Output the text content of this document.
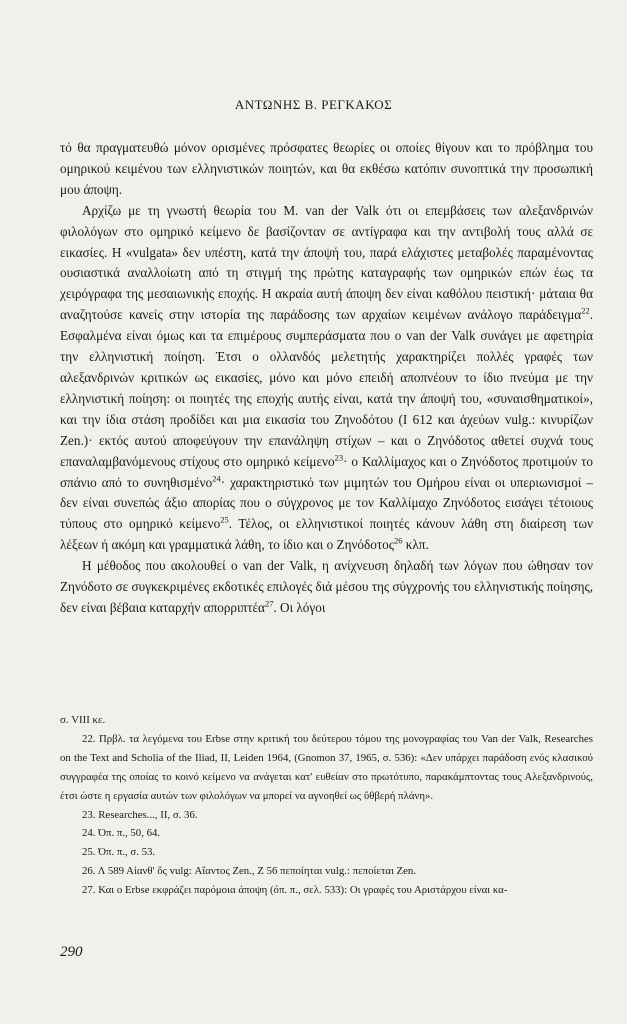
ΑΝΤΩΝΗΣ Β. ΡΕΓΚΑΚΟΣ

τό θα πραγματευθώ μόνον ορισμένες πρόσφατες θεωρίες οι οποίες θίγουν και το πρόβλημα του ομηρικού κειμένου των ελληνιστικών ποιητών, και θα εκθέσω κατόπιν συνοπτικά την προσωπική μου άποψη.

Αρχίζω με τη γνωστή θεωρία του Μ. van der Valk ότι οι επεμβάσεις των αλεξανδρινών φιλολόγων στο ομηρικό κείμενο δε βασίζονταν σε αντίγραφα και την αντιβολή τους αλλά σε εικασίες. Η «vulgata» δεν υπέστη, κατά την άποψή του, παρά ελάχιστες μεταβολές παραμένοντας ουσιαστικά αναλλοίωτη από τη στιγμή της πρώτης καταγραφής των ομηρικών επών έως τα χειρόγραφα της μεσαιωνικής εποχής. Η ακραία αυτή άποψη δεν είναι καθόλου πειστική· μάταια θα αναζητούσε κανείς στην ιστορία της παράδοσης των αρχαίων κειμένων ανάλογο παράδειγμα$^{22}$. Εσφαλμένα είναι όμως και τα επιμέρους συμπεράσματα που ο van der Valk συνάγει με αφετηρία την ελληνιστική ποίηση. Έτσι ο ολλανδός μελετητής χαρακτηρίζει πολλές γραφές των αλεξανδρινών κριτικών ως εικασίες, μόνο και μόνο επειδή αποπνέουν το ίδιο πνεύμα με την ελληνιστική ποίηση: οι ποιητές της εποχής αυτής είναι, κατά την άποψή του, «συναισθηματικοί», και την ίδια στάση προδίδει και μια εικασία του Ζηνοδότου (Ι 612 και ἀχεύων vulg.: κινυρίζων Zen.)· εκτός αυτού αποφεύγουν την επανάληψη στίχων – και ο Ζηνόδοτος αθετεί συχνά τους επαναλαμβανόμενους στίχους στο ομηρικό κείμενο$^{23}$· ο Καλλίμαχος και ο Ζηνόδοτος προτιμούν το σπάνιο από το συνηθισμένο$^{24}$· χαρακτηριστικό των μιμητών του Ομήρου είναι οι υπεριωνισμοί – δεν είναι συνεπώς άξιο απορίας που ο σύγχρονος με τον Καλλίμαχο Ζηνόδοτος εισάγει τέτοιους τύπους στο ομηρικό κείμενο$^{25}$. Τέλος, οι ελληνιστικοί ποιητές κάνουν λάθη στη διαίρεση των λέξεων ή ακόμη και γραμματικά λάθη, το ίδιο και ο Ζηνόδοτος$^{26}$ κλπ.

Η μέθοδος που ακολουθεί ο van der Valk, η ανίχνευση δηλαδή των λόγων που ώθησαν τον Ζηνόδοτο σε συγκεκριμένες εκδοτικές επιλογές διά μέσου της σύγχρονής του ελληνιστικής ποίησης, δεν είναι βέβαια καταρχήν απορριπτέα$^{27}$. Οι λόγοι

σ. VIII κε.

22. Πρβλ. τα λεγόμενα του Erbse στην κριτική του δεύτερου τόμου της μονογραφίας του Van der Valk, Researches on the Text and Scholia of the Iliad, II, Leiden 1964, (Gnomon 37, 1965, σ. 536): «Δεν υπάρχει παράδοση ενός κλασικού συγγραφέα της οποίας το κοινό κείμενο να ανάγεται κατ' ευθείαν στο πρωτότυπο, παρακάμπτοντας τους Αλεξανδρινούς, έτσι ώστε η εργασία αυτών των φιλολόγων να μπορεί να αγνοηθεί ως ὕθβερή πλάνη».

23. Researches..., ΙΙ, σ. 36.

24. Όπ. π., 50, 64.

25. Όπ. π., σ. 53.

26. Λ 589 Αἰανθ' ὅς vulg: Αἴαντος Zen., Ζ 56 πεποίηται vulg.: πεποίεται Zen.

27. Και ο Erbse εκφράζει παρόμοια άποψη (όπ. π., σελ. 533): Οι γραφές του Αριστάρχου είναι κα-

290
